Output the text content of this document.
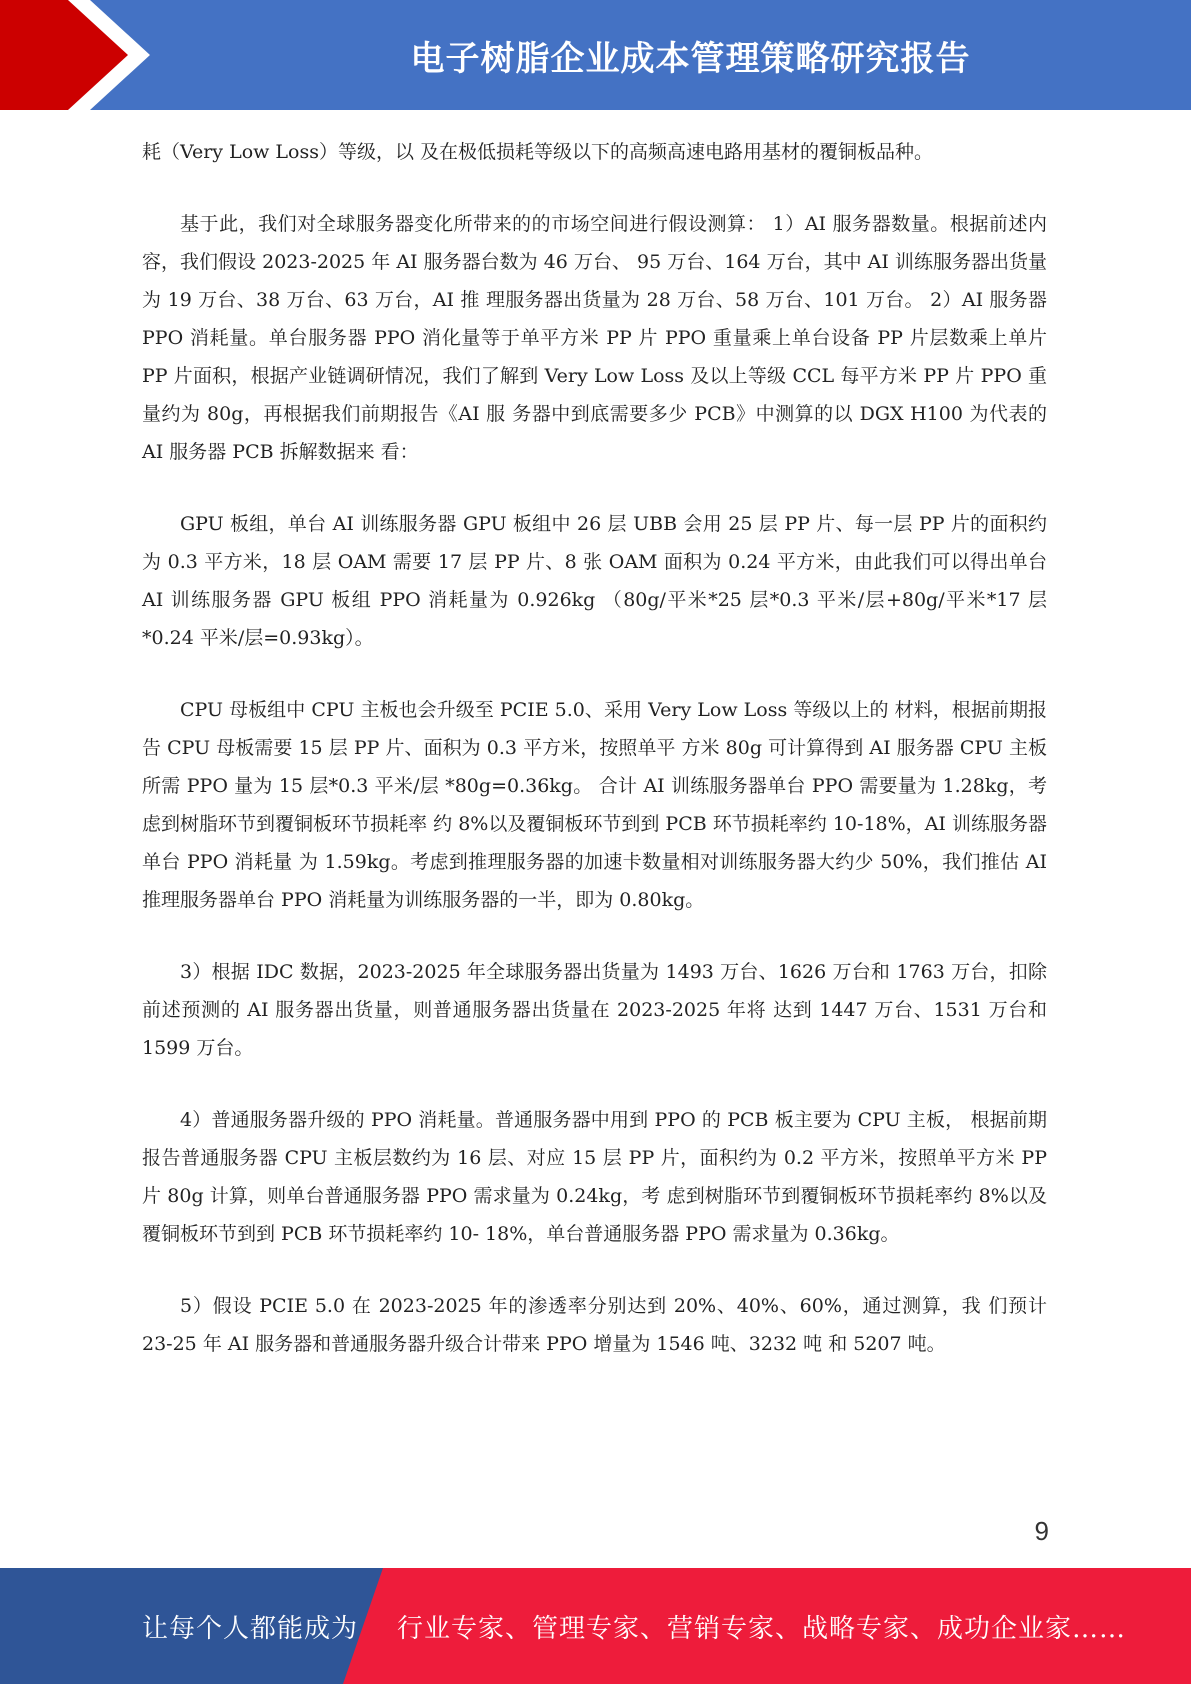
电子树脂企业成本管理策略研究报告

耗（Very Low Loss）等级，以 及在极低损耗等级以下的高频高速电路用基材的覆铜板品种。

基于此，我们对全球服务器变化所带来的的市场空间进行假设测算： 1）AI 服务器数量。根据前述内容，我们假设 2023-2025 年 AI 服务器台数为 46 万台、 95 万台、164 万台，其中 AI 训练服务器出货量为 19 万台、38 万台、63 万台，AI 推 理服务器出货量为 28 万台、58 万台、101 万台。 2）AI 服务器 PPO 消耗量。单台服务器 PPO 消化量等于单平方米 PP 片 PPO 重量乘上单台设备 PP 片层数乘上单片 PP 片面积，根据产业链调研情况，我们了解到 Very Low Loss 及以上等级 CCL 每平方米 PP 片 PPO 重量约为 80g，再根据我们前期报告《AI 服 务器中到底需要多少 PCB》中测算的以 DGX H100 为代表的 AI 服务器 PCB 拆解数据来 看：

GPU 板组，单台 AI 训练服务器 GPU 板组中 26 层 UBB 会用 25 层 PP 片、每一层 PP 片的面积约为 0.3 平方米，18 层 OAM 需要 17 层 PP 片、8 张 OAM 面积为 0.24 平方米，由此我们可以得出单台 AI 训练服务器 GPU 板组 PPO 消耗量为 0.926kg （80g/平米*25 层*0.3 平米/层+80g/平米*17 层*0.24 平米/层=0.93kg）。

CPU 母板组中 CPU 主板也会升级至 PCIE 5.0、采用 Very Low Loss 等级以上的 材料，根据前期报告 CPU 母板需要 15 层 PP 片、面积为 0.3 平方米，按照单平 方米 80g 可计算得到 AI 服务器 CPU 主板所需 PPO 量为 15 层*0.3 平米/层 *80g=0.36kg。 合计 AI 训练服务器单台 PPO 需要量为 1.28kg，考虑到树脂环节到覆铜板环节损耗率 约 8%以及覆铜板环节到到 PCB 环节损耗率约 10-18%，AI 训练服务器单台 PPO 消耗量 为 1.59kg。考虑到推理服务器的加速卡数量相对训练服务器大约少 50%，我们推估 AI 推理服务器单台 PPO 消耗量为训练服务器的一半，即为 0.80kg。

3）根据 IDC 数据，2023-2025 年全球服务器出货量为 1493 万台、1626 万台和 1763 万台，扣除前述预测的 AI 服务器出货量，则普通服务器出货量在 2023-2025 年将 达到 1447 万台、1531 万台和 1599 万台。

4）普通服务器升级的 PPO 消耗量。普通服务器中用到 PPO 的 PCB 板主要为 CPU 主板， 根据前期报告普通服务器 CPU 主板层数约为 16 层、对应 15 层 PP 片，面积约为 0.2 平方米，按照单平方米 PP 片 80g 计算，则单台普通服务器 PPO 需求量为 0.24kg，考 虑到树脂环节到覆铜板环节损耗率约 8%以及覆铜板环节到到 PCB 环节损耗率约 10- 18%，单台普通服务器 PPO 需求量为 0.36kg。

5）假设 PCIE 5.0 在 2023-2025 年的渗透率分别达到 20%、40%、60%，通过测算，我 们预计 23-25 年 AI 服务器和普通服务器升级合计带来 PPO 增量为 1546 吨、3232 吨 和 5207 吨。

9
让每个人都能成为 行业专家、管理专家、营销专家、战略专家、成功企业家……
